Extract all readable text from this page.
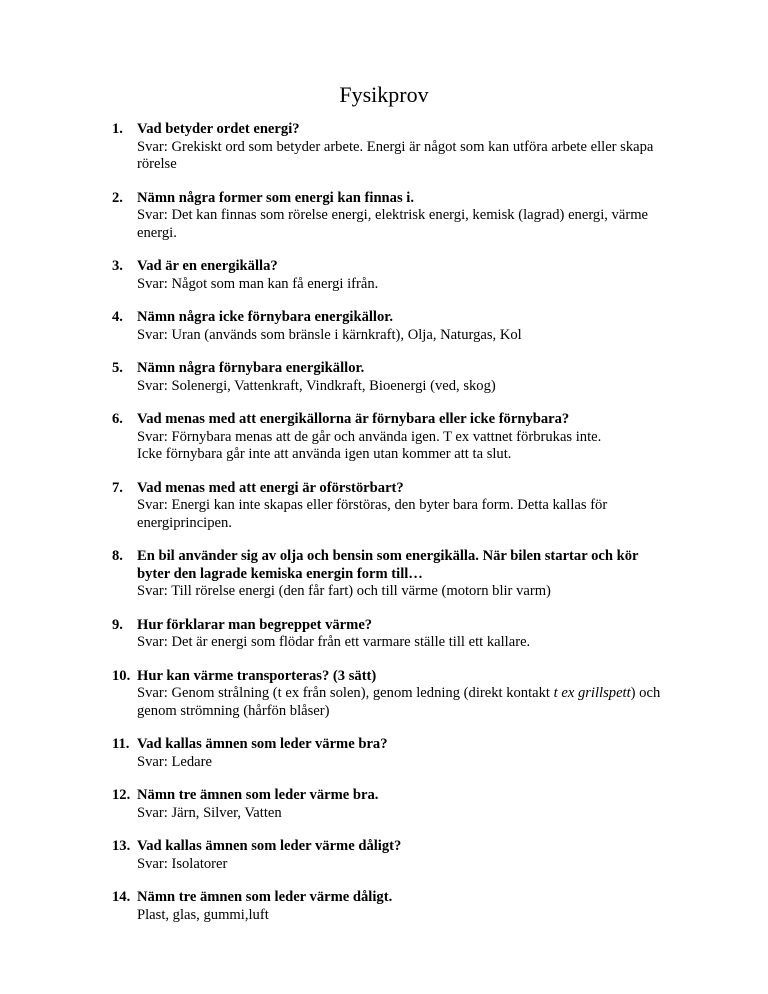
Fysikprov
1. Vad betyder ordet energi?
Svar: Grekiskt ord som betyder arbete. Energi är något som kan utföra arbete eller skapa rörelse
2. Nämn några former som energi kan finnas i.
Svar: Det kan finnas som rörelse energi, elektrisk energi, kemisk (lagrad) energi, värme energi.
3. Vad är en energikälla?
Svar: Något som man kan få energi ifrån.
4. Nämn några icke förnybara energikällor.
Svar: Uran (används som bränsle i kärnkraft), Olja, Naturgas, Kol
5. Nämn några förnybara energikällor.
Svar: Solenergi, Vattenkraft, Vindkraft, Bioenergi (ved, skog)
6. Vad menas med att energikällorna är förnybara eller icke förnybara?
Svar: Förnybara menas att de går och använda igen. T ex vattnet förbrukas inte.
Icke förnybara går inte att använda igen utan kommer att ta slut.
7. Vad menas med att energi är oförstörbart?
Svar: Energi kan inte skapas eller förstöras, den byter bara form. Detta kallas för energiprincipen.
8. En bil använder sig av olja och bensin som energikälla. När bilen startar och kör byter den lagrade kemiska energin form till…
Svar: Till rörelse energi (den får fart) och till värme (motorn blir varm)
9. Hur förklarar man begreppet värme?
Svar: Det är energi som flödar från ett varmare ställe till ett kallare.
10. Hur kan värme transporteras? (3 sätt)
Svar: Genom strålning (t ex från solen), genom ledning (direkt kontakt t ex grillspett) och genom strömning (hårfön blåser)
11. Vad kallas ämnen som leder värme bra?
Svar: Ledare
12. Nämn tre ämnen som leder värme bra.
Svar: Järn, Silver, Vatten
13. Vad kallas ämnen som leder värme dåligt?
Svar: Isolatorer
14. Nämn tre ämnen som leder värme dåligt.
Plast, glas, gummi,luft
